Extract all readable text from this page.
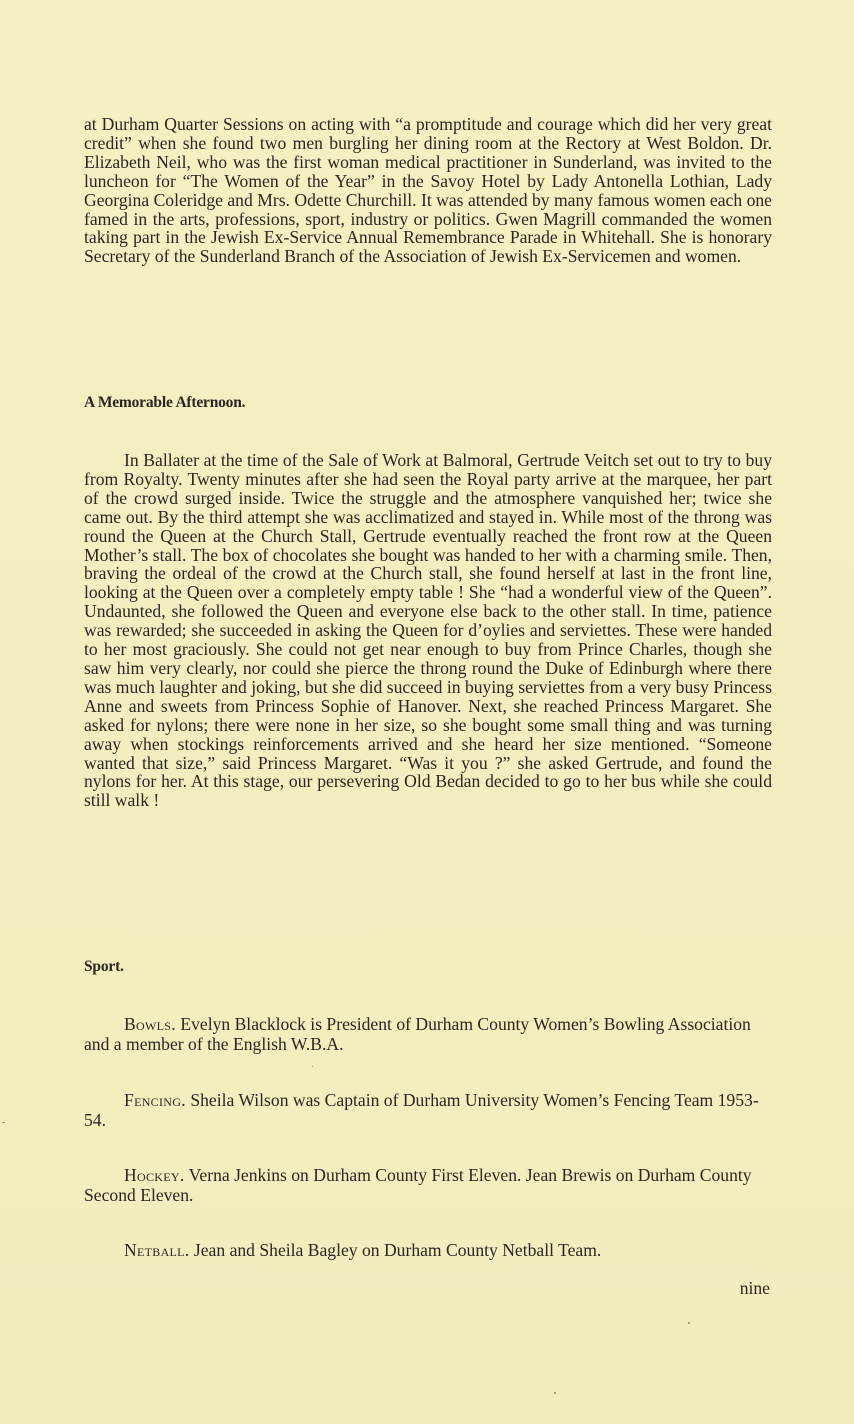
at Durham Quarter Sessions on acting with “a promptitude and courage which did her very great credit” when she found two men burgling her dining room at the Rectory at West Boldon. Dr. Elizabeth Neil, who was the first woman medical practitioner in Sunderland, was invited to the luncheon for “The Women of the Year” in the Savoy Hotel by Lady Antonella Lothian, Lady Georgina Coleridge and Mrs. Odette Churchill. It was attended by many famous women each one famed in the arts, professions, sport, industry or politics. Gwen Magrill commanded the women taking part in the Jewish Ex-Service Annual Remembrance Parade in Whitehall. She is honorary Secretary of the Sunderland Branch of the Association of Jewish Ex-Servicemen and women.

A Memorable Afternoon.

In Ballater at the time of the Sale of Work at Balmoral, Gertrude Veitch set out to try to buy from Royalty. Twenty minutes after she had seen the Royal party arrive at the marquee, her part of the crowd surged inside. Twice the struggle and the atmosphere vanquished her; twice she came out. By the third attempt she was acclimatized and stayed in. While most of the throng was round the Queen at the Church Stall, Gertrude eventually reached the front row at the Queen Mother’s stall. The box of chocolates she bought was handed to her with a charming smile. Then, braving the ordeal of the crowd at the Church stall, she found herself at last in the front line, looking at the Queen over a completely empty table ! She “had a wonderful view of the Queen”. Undaunted, she followed the Queen and everyone else back to the other stall. In time, patience was rewarded; she succeeded in asking the Queen for d’oylies and serviettes. These were handed to her most graciously. She could not get near enough to buy from Prince Charles, though she saw him very clearly, nor could she pierce the throng round the Duke of Edinburgh where there was much laughter and joking, but she did succeed in buying serviettes from a very busy Princess Anne and sweets from Princess Sophie of Hanover. Next, she reached Princess Margaret. She asked for nylons; there were none in her size, so she bought some small thing and was turning away when stockings reinforcements arrived and she heard her size mentioned. “Someone wanted that size,” said Princess Margaret. “Was it you ?” she asked Gertrude, and found the nylons for her. At this stage, our persevering Old Bedan decided to go to her bus while she could still walk !

Sport.

Bowls. Evelyn Blacklock is President of Durham County Women’s Bowling Association and a member of the English W.B.A.

Fencing. Sheila Wilson was Captain of Durham University Women’s Fencing Team 1953-54.

Hockey. Verna Jenkins on Durham County First Eleven. Jean Brewis on Durham County Second Eleven.

Netball. Jean and Sheila Bagley on Durham County Netball Team.

nine
